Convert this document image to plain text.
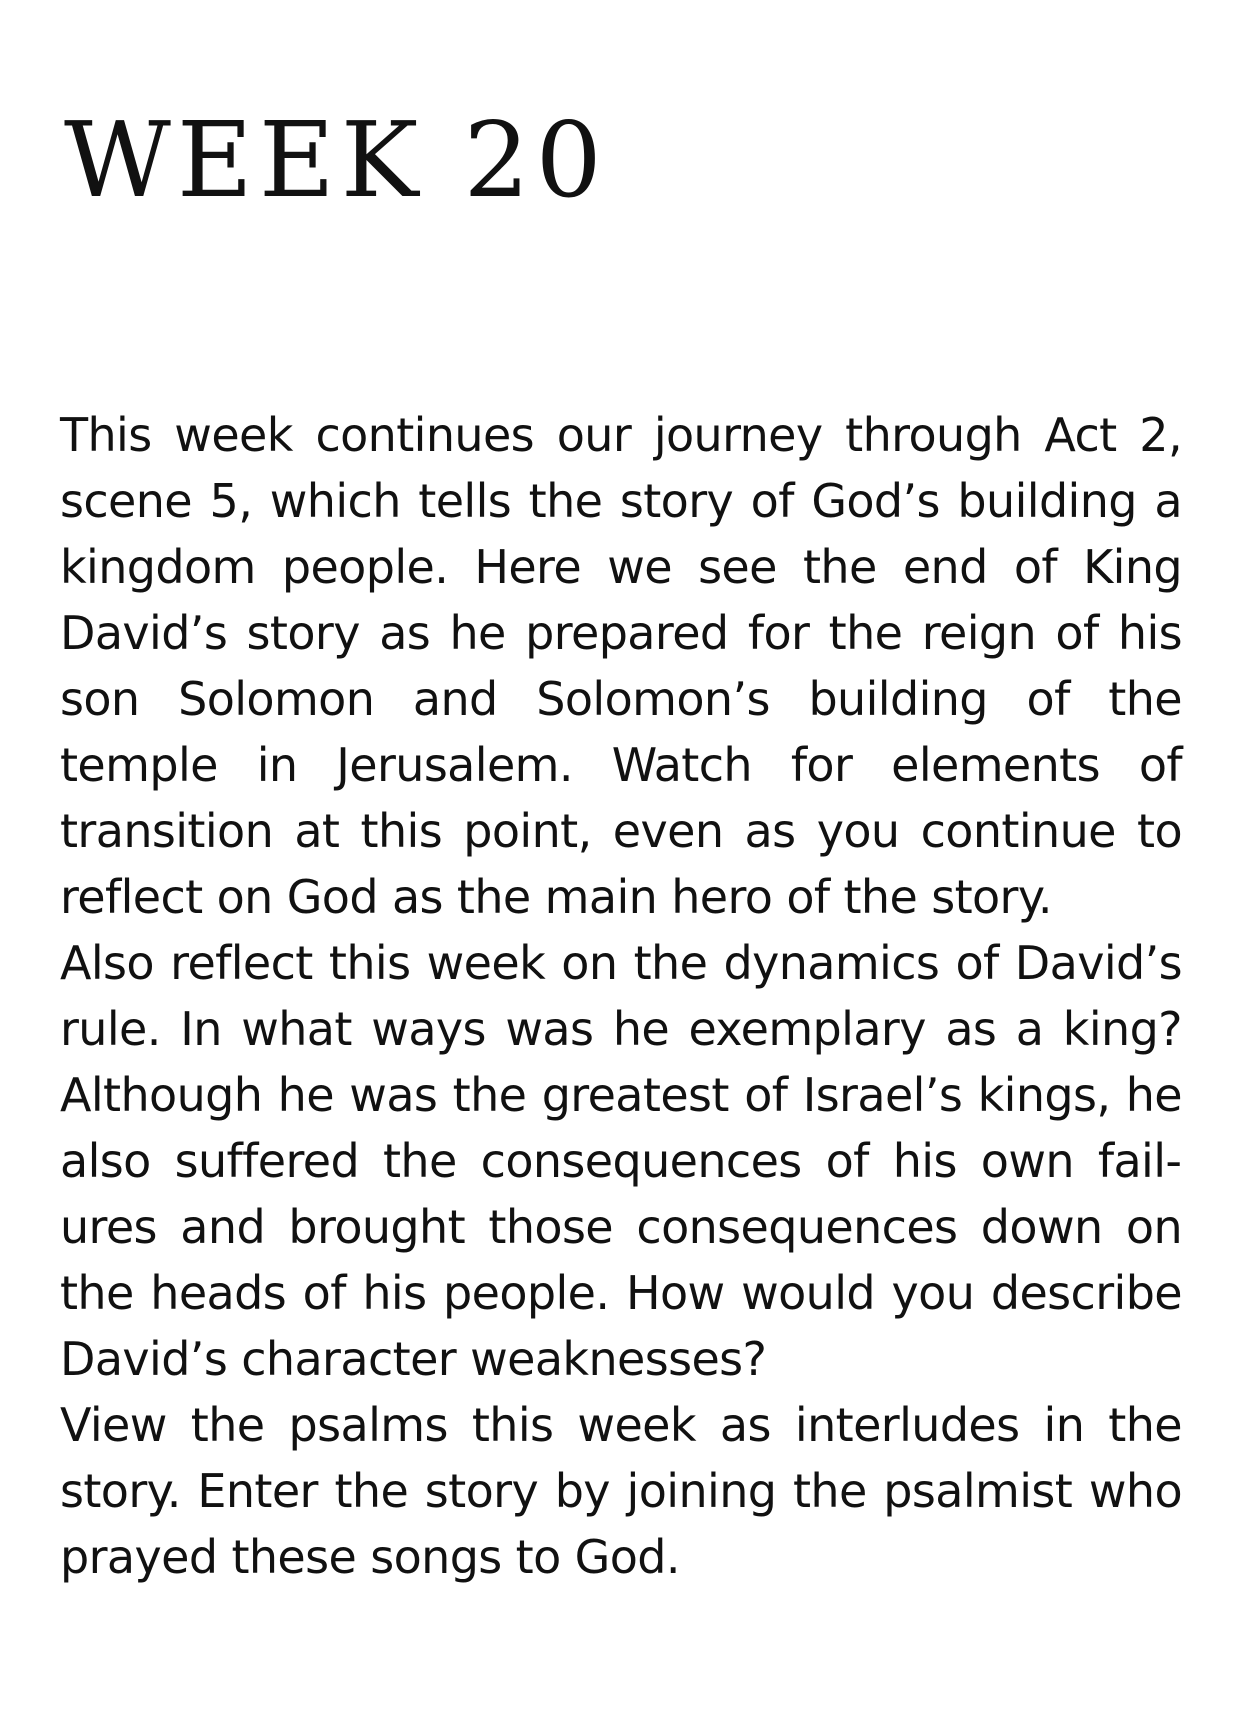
WEEK 20

This week continues our journey through Act 2, scene 5, which tells the story of God’s building a kingdom people. Here we see the end of King David’s story as he prepared for the reign of his son Solomon and Solomon’s building of the temple in Jerusalem. Watch for elements of transition at this point, even as you continue to reflect on God as the main hero of the story.

Also reflect this week on the dynamics of David’s rule. In what ways was he exemplary as a king? Although he was the greatest of Israel’s kings, he also suffered the consequences of his own failures and brought those consequences down on the heads of his people. How would you describe David’s character weaknesses?

View the psalms this week as interludes in the story. Enter the story by joining the psalmist who prayed these songs to God.
